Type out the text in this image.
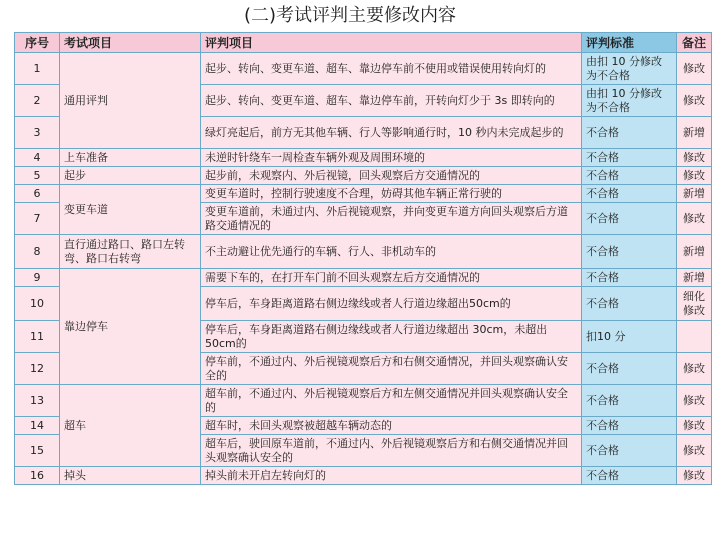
(二)考试评判主要修改内容
序号	考试项目	评判项目	评判标准	备注
1	通用评判	起步、转向、变更车道、超车、靠边停车前不使用或错误使用转向灯的	由扣 10 分修改为不合格	修改
2		起步、转向、变更车道、超车、靠边停车前，开转向灯少于 3s 即转向的	由扣 10 分修改为不合格	修改
3		绿灯亮起后，前方无其他车辆、行人等影响通行时，10 秒内未完成起步的	不合格	新增
4	上车准备	未逆时针绕车一周检查车辆外观及周围环境的	不合格	修改
5	起步	起步前，未观察内、外后视镜，回头观察后方交通情况的	不合格	修改
6	变更车道	变更车道时，控制行驶速度不合理，妨碍其他车辆正常行驶的	不合格	新增
7		变更车道前，未通过内、外后视镜观察，并向变更车道方向回头观察后方道路交通情况的	不合格	修改
8	直行通过路口、路口左转弯、路口右转弯	不主动避让优先通行的车辆、行人、非机动车的	不合格	新增
9	靠边停车	需要下车的，在打开车门前不回头观察左后方交通情况的	不合格	新增
10		停车后，车身距离道路右侧边缘线或者人行道边缘超出50cm的	不合格	细化修改
11		停车后，车身距离道路右侧边缘线或者人行道边缘超出 30cm，未超出50cm的	扣10 分	
12		停车前，不通过内、外后视镜观察后方和右侧交通情况，并回头观察确认安全的	不合格	修改
13	超车	超车前，不通过内、外后视镜观察后方和左侧交通情况并回头观察确认安全的	不合格	修改
14		超车时，未回头观察被超越车辆动态的	不合格	修改
15		超车后，驶回原车道前，不通过内、外后视镜观察后方和右侧交通情况并回头观察确认安全的	不合格	修改
16	掉头	掉头前未开启左转向灯的	不合格	修改
